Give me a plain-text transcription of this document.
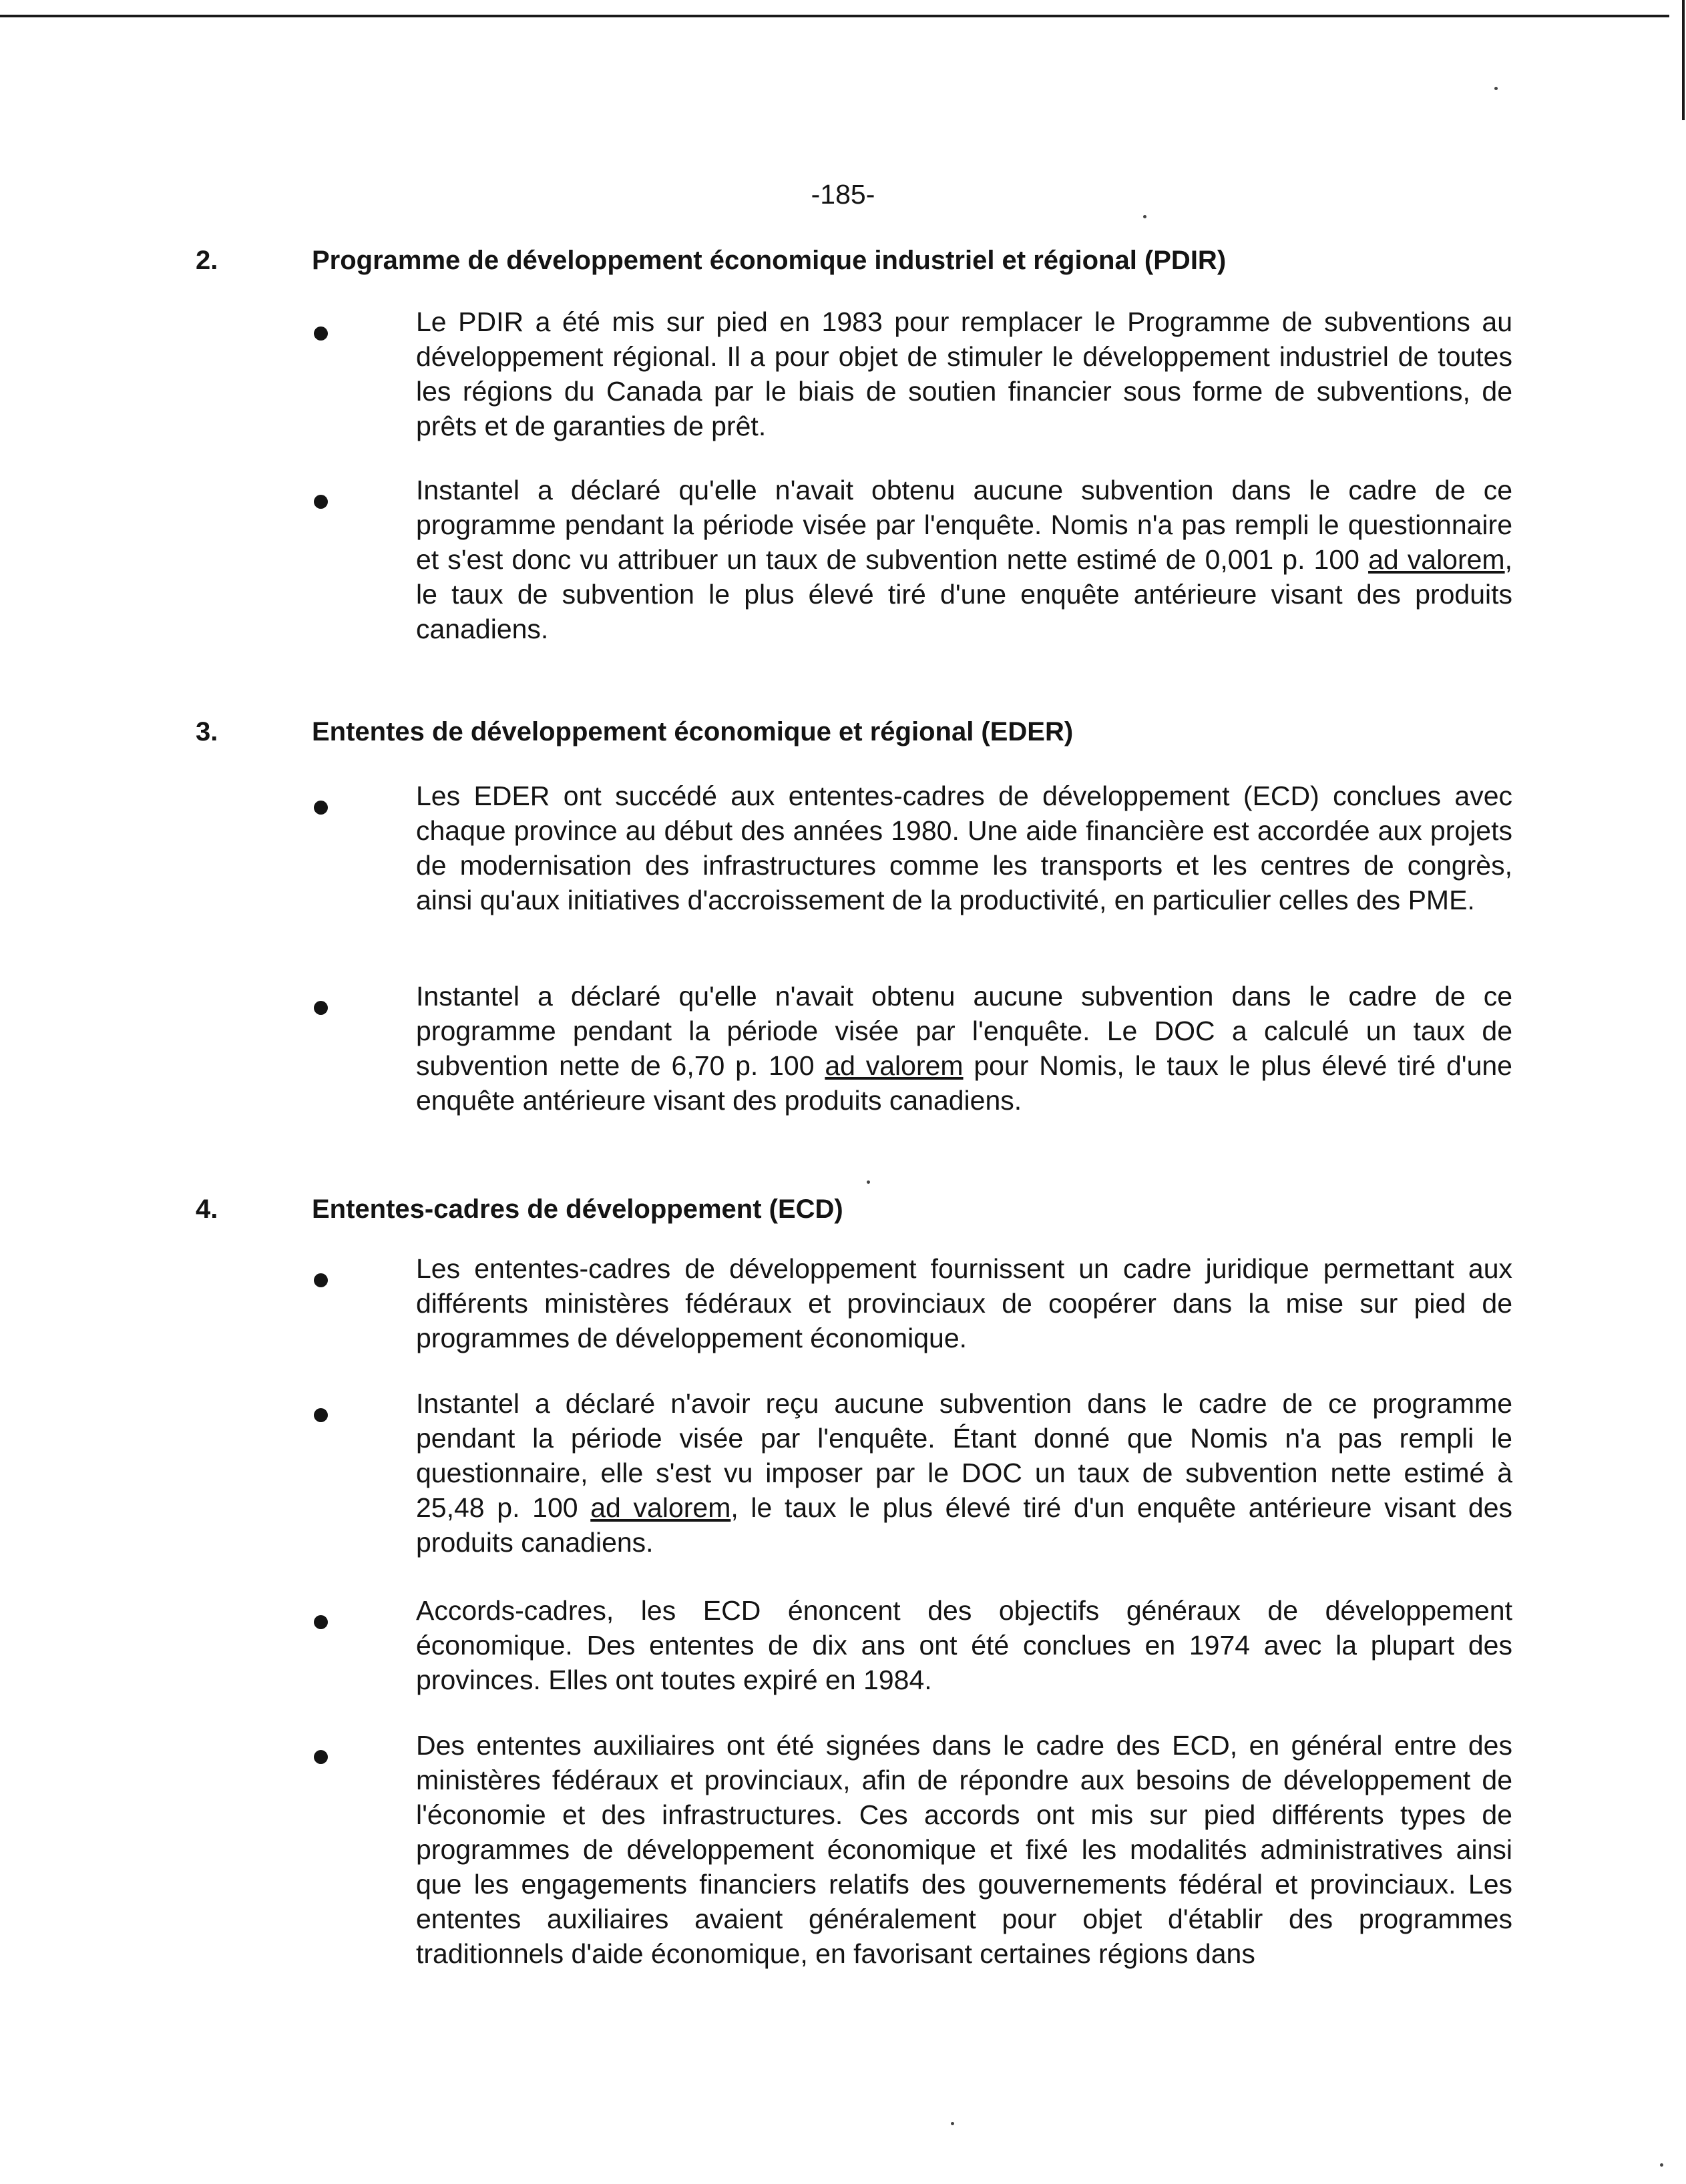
-185-
2.	Programme de développement économique industriel et régional (PDIR)

Le PDIR a été mis sur pied en 1983 pour remplacer le Programme de subventions au développement régional. Il a pour objet de stimuler le développement industriel de toutes les régions du Canada par le biais de soutien financier sous forme de subventions, de prêts et de garanties de prêt.

Instantel a déclaré qu'elle n'avait obtenu aucune subvention dans le cadre de ce programme pendant la période visée par l'enquête. Nomis n'a pas rempli le questionnaire et s'est donc vu attribuer un taux de subvention nette estimé de 0,001 p. 100 ad valorem, le taux de subvention le plus élevé tiré d'une enquête antérieure visant des produits canadiens.

3.	Ententes de développement économique et régional (EDER)

Les EDER ont succédé aux ententes-cadres de développement (ECD) conclues avec chaque province au début des années 1980. Une aide financière est accordée aux projets de modernisation des infrastructures comme les transports et les centres de congrès, ainsi qu'aux initiatives d'accroissement de la productivité, en particulier celles des PME.

Instantel a déclaré qu'elle n'avait obtenu aucune subvention dans le cadre de ce programme pendant la période visée par l'enquête. Le DOC a calculé un taux de subvention nette de 6,70 p. 100 ad valorem pour Nomis, le taux le plus élevé tiré d'une enquête antérieure visant des produits canadiens.

4.	Ententes-cadres de développement (ECD)

Les ententes-cadres de développement fournissent un cadre juridique permettant aux différents ministères fédéraux et provinciaux de coopérer dans la mise sur pied de programmes de développement économique.

Instantel a déclaré n'avoir reçu aucune subvention dans le cadre de ce programme pendant la période visée par l'enquête. Étant donné que Nomis n'a pas rempli le questionnaire, elle s'est vu imposer par le DOC un taux de subvention nette estimé à 25,48 p. 100 ad valorem, le taux le plus élevé tiré d'un enquête antérieure visant des produits canadiens.

Accords-cadres, les ECD énoncent des objectifs généraux de développement économique. Des ententes de dix ans ont été conclues en 1974 avec la plupart des provinces. Elles ont toutes expiré en 1984.

Des ententes auxiliaires ont été signées dans le cadre des ECD, en général entre des ministères fédéraux et provinciaux, afin de répondre aux besoins de développement de l'économie et des infrastructures. Ces accords ont mis sur pied différents types de programmes de développement économique et fixé les modalités administratives ainsi que les engagements financiers relatifs des gouvernements fédéral et provinciaux. Les ententes auxiliaires avaient généralement pour objet d'établir des programmes traditionnels d'aide économique, en favorisant certaines régions dans
